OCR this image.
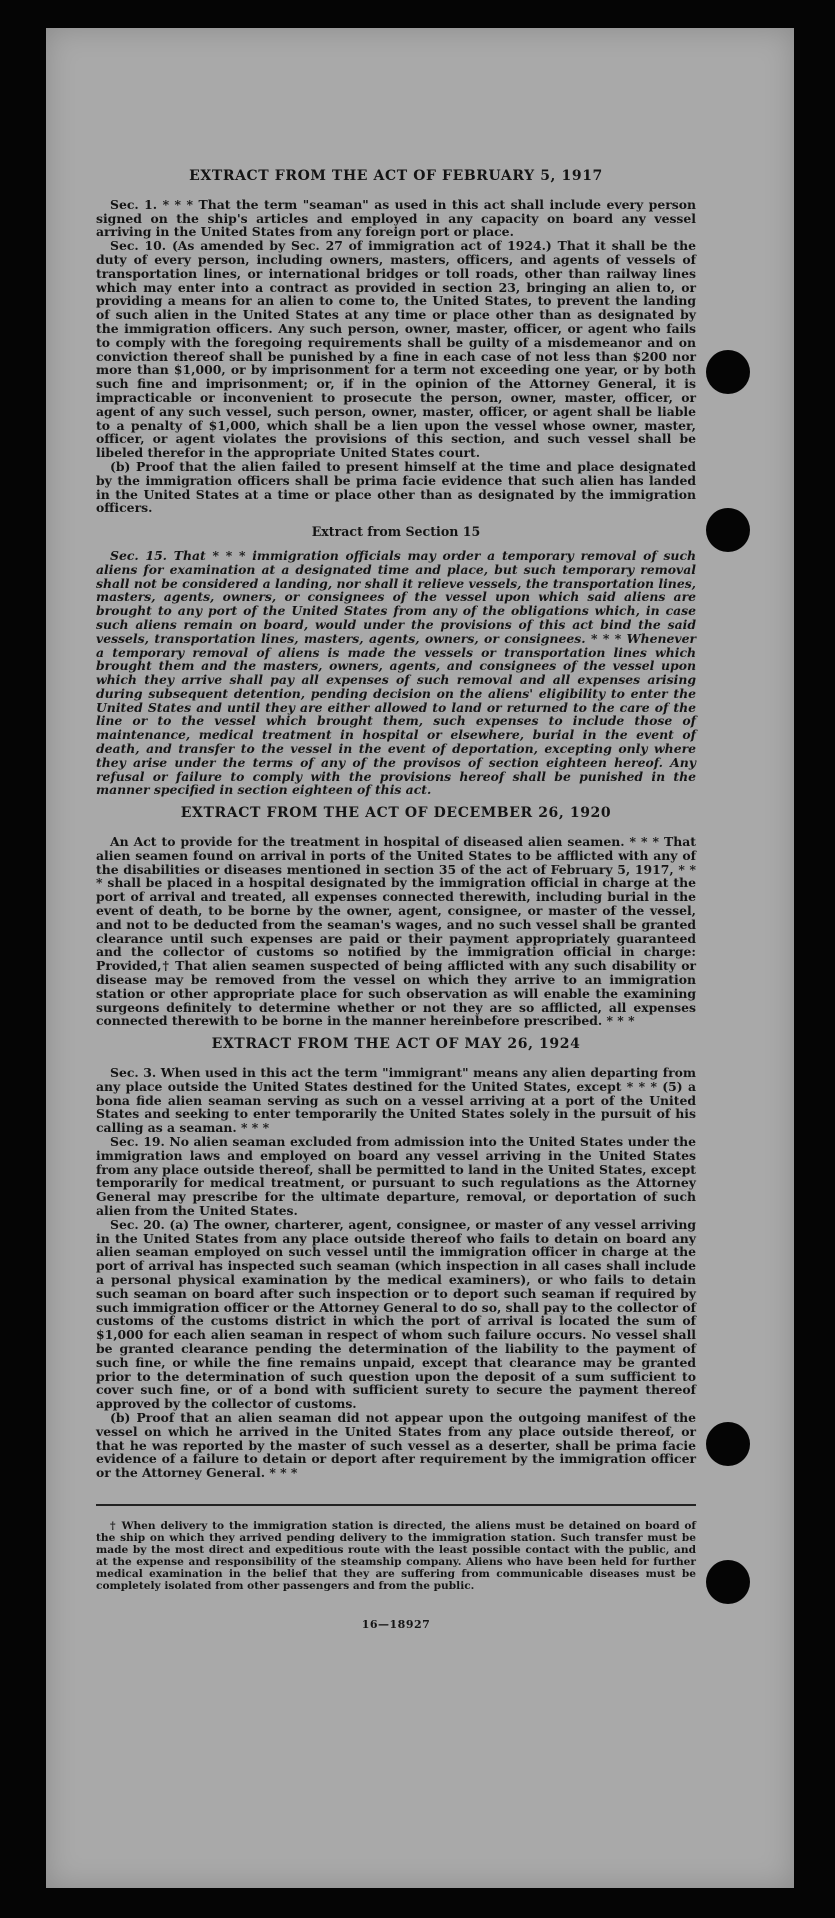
EXTRACT FROM THE ACT OF FEBRUARY 5, 1917

Sec. 1. * * * That the term "seaman" as used in this act shall include every person signed on the ship's articles and employed in any capacity on board any vessel arriving in the United States from any foreign port or place.

Sec. 10. (As amended by Sec. 27 of immigration act of 1924.) That it shall be the duty of every person, including owners, masters, officers, and agents of vessels of transportation lines, or international bridges or toll roads, other than railway lines which may enter into a contract as provided in section 23, bringing an alien to, or providing a means for an alien to come to, the United States, to prevent the landing of such alien in the United States at any time or place other than as designated by the immigration officers. Any such person, owner, master, officer, or agent who fails to comply with the foregoing requirements shall be guilty of a misdemeanor and on conviction thereof shall be punished by a fine in each case of not less than $200 nor more than $1,000, or by imprisonment for a term not exceeding one year, or by both such fine and imprisonment; or, if in the opinion of the Attorney General, it is impracticable or inconvenient to prosecute the person, owner, master, officer, or agent of any such vessel, such person, owner, master, officer, or agent shall be liable to a penalty of $1,000, which shall be a lien upon the vessel whose owner, master, officer, or agent violates the provisions of this section, and such vessel shall be libeled therefor in the appropriate United States court.

(b) Proof that the alien failed to present himself at the time and place designated by the immigration officers shall be prima facie evidence that such alien has landed in the United States at a time or place other than as designated by the immigration officers.

Extract from Section 15

Sec. 15. That * * * immigration officials may order a temporary removal of such aliens for examination at a designated time and place, but such temporary removal shall not be considered a landing, nor shall it relieve vessels, the transportation lines, masters, agents, owners, or consignees of the vessel upon which said aliens are brought to any port of the United States from any of the obligations which, in case such aliens remain on board, would under the provisions of this act bind the said vessels, transportation lines, masters, agents, owners, or consignees. * * * Whenever a temporary removal of aliens is made the vessels or transportation lines which brought them and the masters, owners, agents, and consignees of the vessel upon which they arrive shall pay all expenses of such removal and all expenses arising during subsequent detention, pending decision on the aliens' eligibility to enter the United States and until they are either allowed to land or returned to the care of the line or to the vessel which brought them, such expenses to include those of maintenance, medical treatment in hospital or elsewhere, burial in the event of death, and transfer to the vessel in the event of deportation, excepting only where they arise under the terms of any of the provisos of section eighteen hereof. Any refusal or failure to comply with the provisions hereof shall be punished in the manner specified in section eighteen of this act.

EXTRACT FROM THE ACT OF DECEMBER 26, 1920

An Act to provide for the treatment in hospital of diseased alien seamen. * * * That alien seamen found on arrival in ports of the United States to be afflicted with any of the disabilities or diseases mentioned in section 35 of the act of February 5, 1917, * * * shall be placed in a hospital designated by the immigration official in charge at the port of arrival and treated, all expenses connected therewith, including burial in the event of death, to be borne by the owner, agent, consignee, or master of the vessel, and not to be deducted from the seaman's wages, and no such vessel shall be granted clearance until such expenses are paid or their payment appropriately guaranteed and the collector of customs so notified by the immigration official in charge: Provided,† That alien seamen suspected of being afflicted with any such disability or disease may be removed from the vessel on which they arrive to an immigration station or other appropriate place for such observation as will enable the examining surgeons definitely to determine whether or not they are so afflicted, all expenses connected therewith to be borne in the manner hereinbefore prescribed. * * *

EXTRACT FROM THE ACT OF MAY 26, 1924

Sec. 3. When used in this act the term "immigrant" means any alien departing from any place outside the United States destined for the United States, except * * * (5) a bona fide alien seaman serving as such on a vessel arriving at a port of the United States and seeking to enter temporarily the United States solely in the pursuit of his calling as a seaman. * * *

Sec. 19. No alien seaman excluded from admission into the United States under the immigration laws and employed on board any vessel arriving in the United States from any place outside thereof, shall be permitted to land in the United States, except temporarily for medical treatment, or pursuant to such regulations as the Attorney General may prescribe for the ultimate departure, removal, or deportation of such alien from the United States.

Sec. 20. (a) The owner, charterer, agent, consignee, or master of any vessel arriving in the United States from any place outside thereof who fails to detain on board any alien seaman employed on such vessel until the immigration officer in charge at the port of arrival has inspected such seaman (which inspection in all cases shall include a personal physical examination by the medical examiners), or who fails to detain such seaman on board after such inspection or to deport such seaman if required by such immigration officer or the Attorney General to do so, shall pay to the collector of customs of the customs district in which the port of arrival is located the sum of $1,000 for each alien seaman in respect of whom such failure occurs. No vessel shall be granted clearance pending the determination of the liability to the payment of such fine, or while the fine remains unpaid, except that clearance may be granted prior to the determination of such question upon the deposit of a sum sufficient to cover such fine, or of a bond with sufficient surety to secure the payment thereof approved by the collector of customs.

(b) Proof that an alien seaman did not appear upon the outgoing manifest of the vessel on which he arrived in the United States from any place outside thereof, or that he was reported by the master of such vessel as a deserter, shall be prima facie evidence of a failure to detain or deport after requirement by the immigration officer or the Attorney General. * * *

† When delivery to the immigration station is directed, the aliens must be detained on board of the ship on which they arrived pending delivery to the immigration station. Such transfer must be made by the most direct and expeditious route with the least possible contact with the public, and at the expense and responsibility of the steamship company. Aliens who have been held for further medical examination in the belief that they are suffering from communicable diseases must be completely isolated from other passengers and from the public.

16—18927
